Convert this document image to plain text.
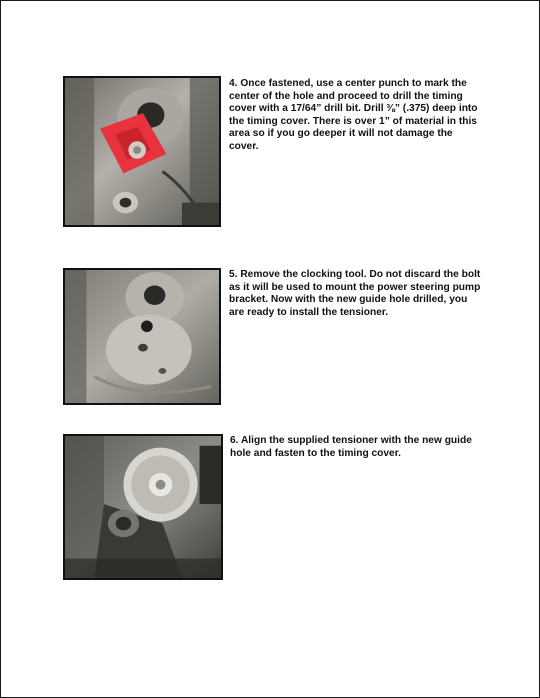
4. Once fastened, use a center punch to mark the center of the hole and proceed to drill the timing cover with a 17/64” drill bit. Drill ⅜” (.375) deep into the timing cover. There is over 1” of material in this area so if you go deeper it will not damage the cover.

5. Remove the clocking tool. Do not discard the bolt as it will be used to mount the power steering pump bracket. Now with the new guide hole drilled, you are ready to install the tensioner.

6. Align the supplied tensioner with the new guide hole and fasten to the timing cover.
